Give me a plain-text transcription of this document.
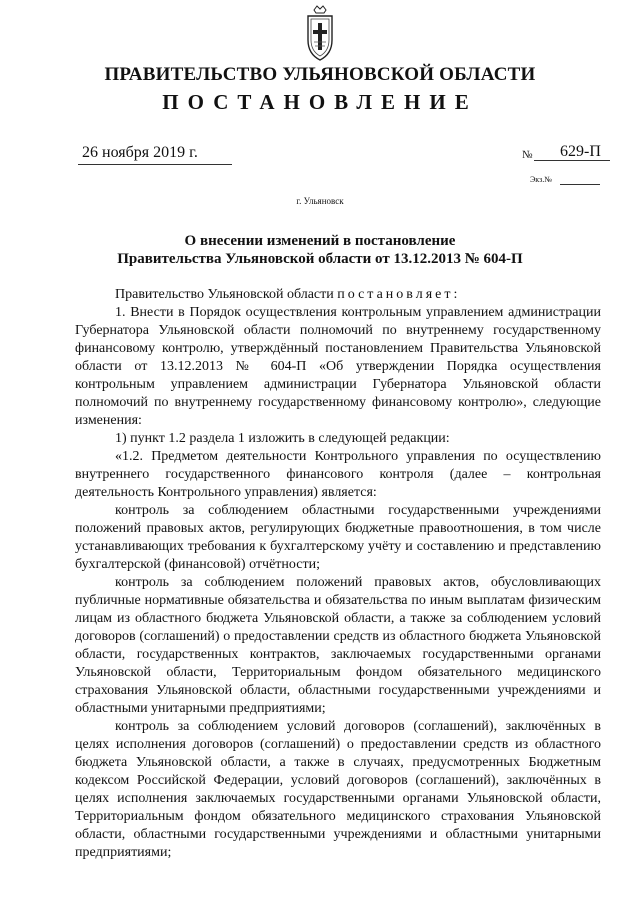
ПРАВИТЕЛЬСТВО УЛЬЯНОВСКОЙ ОБЛАСТИ
ПОСТАНОВЛЕНИЕ
26 ноября 2019 г.	№ 629-П
Экз.№
г. Ульяновск
О внесении изменений в постановление
Правительства Ульяновской области от 13.12.2013 № 604-П

Правительство Ульяновской области постановляет:

1. Внести в Порядок осуществления контрольным управлением администрации Губернатора Ульяновской области полномочий по внутреннему государственному финансовому контролю, утверждённый постановлением Правительства Ульяновской области от 13.12.2013 № 604-П «Об утверждении Порядка осуществления контрольным управлением администрации Губернатора Ульяновской области полномочий по внутреннему государственному финансовому контролю», следующие изменения:

1) пункт 1.2 раздела 1 изложить в следующей редакции:

«1.2. Предметом деятельности Контрольного управления по осуществлению внутреннего государственного финансового контроля (далее – контрольная деятельность Контрольного управления) является:

контроль за соблюдением областными государственными учреждениями положений правовых актов, регулирующих бюджетные правоотношения, в том числе устанавливающих требования к бухгалтерскому учёту и составлению и представлению бухгалтерской (финансовой) отчётности;

контроль за соблюдением положений правовых актов, обусловливающих публичные нормативные обязательства и обязательства по иным выплатам физическим лицам из областного бюджета Ульяновской области, а также за соблюдением условий договоров (соглашений) о предоставлении средств из областного бюджета Ульяновской области, государственных контрактов, заключаемых государственными органами Ульяновской области, Территориальным фондом обязательного медицинского страхования Ульяновской области, областными государственными учреждениями и областными унитарными предприятиями;

контроль за соблюдением условий договоров (соглашений), заключённых в целях исполнения договоров (соглашений) о предоставлении средств из областного бюджета Ульяновской области, а также в случаях, предусмотренных Бюджетным кодексом Российской Федерации, условий договоров (соглашений), заключённых в целях исполнения заключаемых государственными органами Ульяновской области, Территориальным фондом обязательного медицинского страхования Ульяновской области, областными государственными учреждениями и областными унитарными предприятиями;
